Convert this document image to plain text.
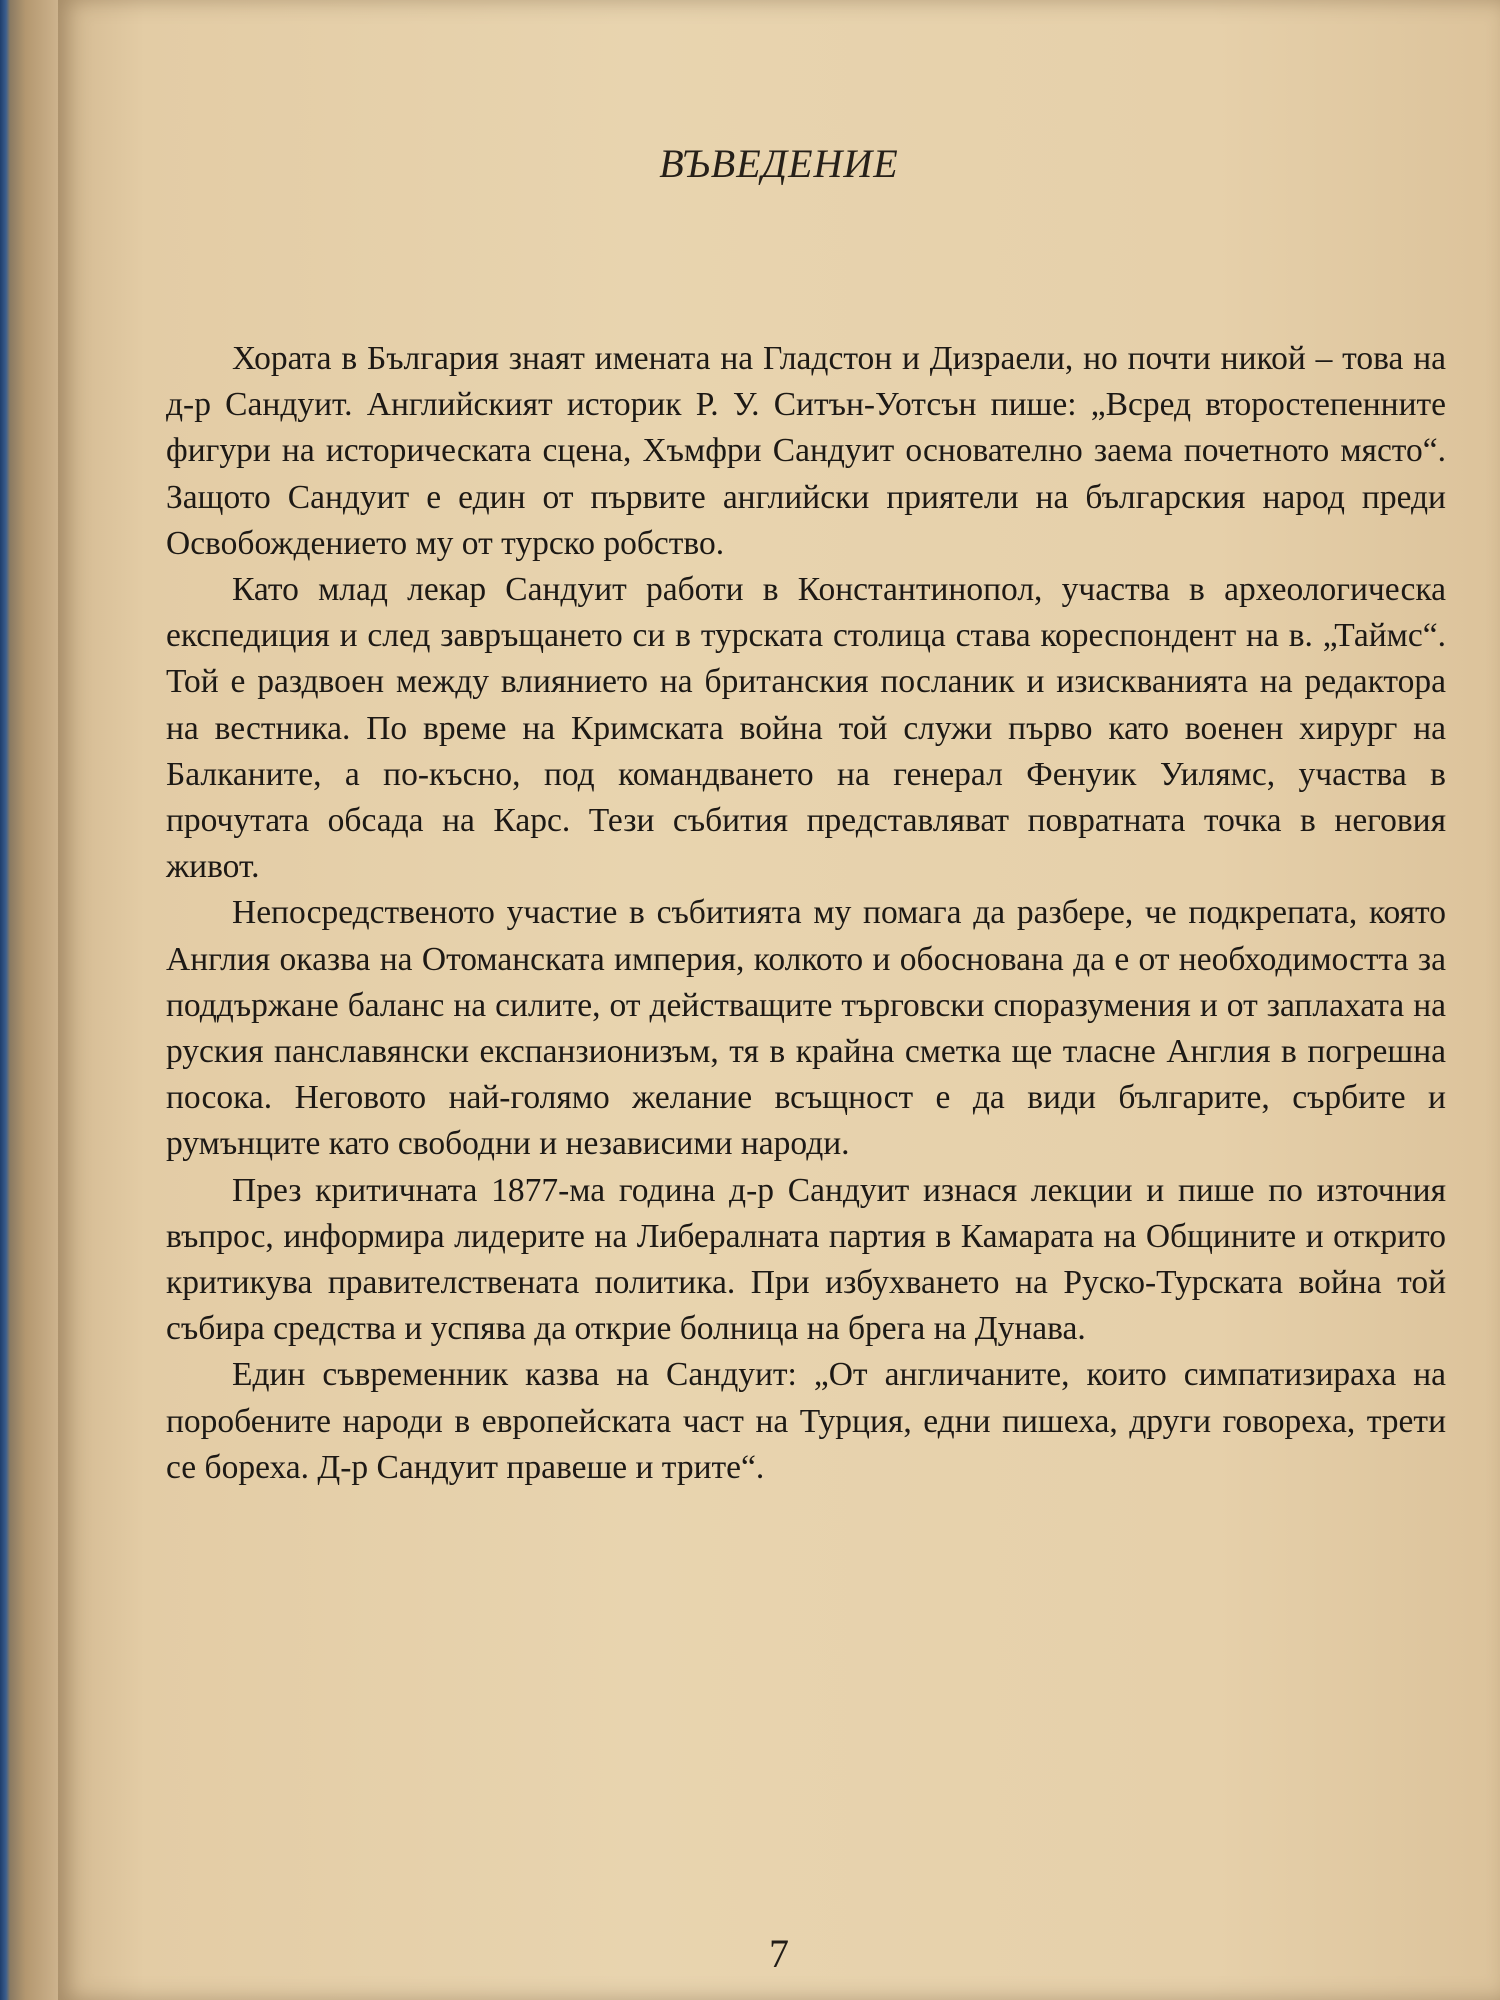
ВЪВЕДЕНИЕ

Хората в България знаят имената на Гладстон и Дизраели, но почти никой – това на д-р Сандуит. Английският историк Р. У. Ситън-Уотсън пише: „Всред второстепенните фигури на историческата сцена, Хъмфри Сандуит основателно заема почетното място“. Защото Сандуит е един от първите английски приятели на българския народ преди Освобождението му от турско робство.

Като млад лекар Сандуит работи в Константинопол, участва в археологическа експедиция и след завръщането си в турската столица става кореспондент на в. „Таймс“. Той е раздвоен между влиянието на британския посланик и изискванията на редактора на вестника. По време на Кримската война той служи първо като военен хирург на Балканите, а по-късно, под командването на генерал Фенуик Уилямс, участва в прочутата обсада на Карс. Тези събития представляват повратната точка в неговия живот.

Непосредственото участие в събитията му помага да разбере, че подкрепата, която Англия оказва на Отоманската империя, колкото и обоснована да е от необходимостта за поддържане баланс на силите, от действащите търговски споразумения и от заплахата на руския панславянски експанзионизъм, тя в крайна сметка ще тласне Англия в погрешна посока. Неговото най-голямо желание всъщност е да види българите, сърбите и румънците като свободни и независими народи.

През критичната 1877-ма година д-р Сандуит изнася лекции и пише по източния въпрос, информира лидерите на Либералната партия в Камарата на Общините и открито критикува правителствената политика. При избухването на Руско-Турската война той събира средства и успява да открие болница на брега на Дунава.

Един съвременник казва на Сандуит: „От англичаните, които симпатизираха на поробените народи в европейската част на Турция, едни пишеха, други говореха, трети се бореха. Д-р Сандуит правеше и трите“.

7
